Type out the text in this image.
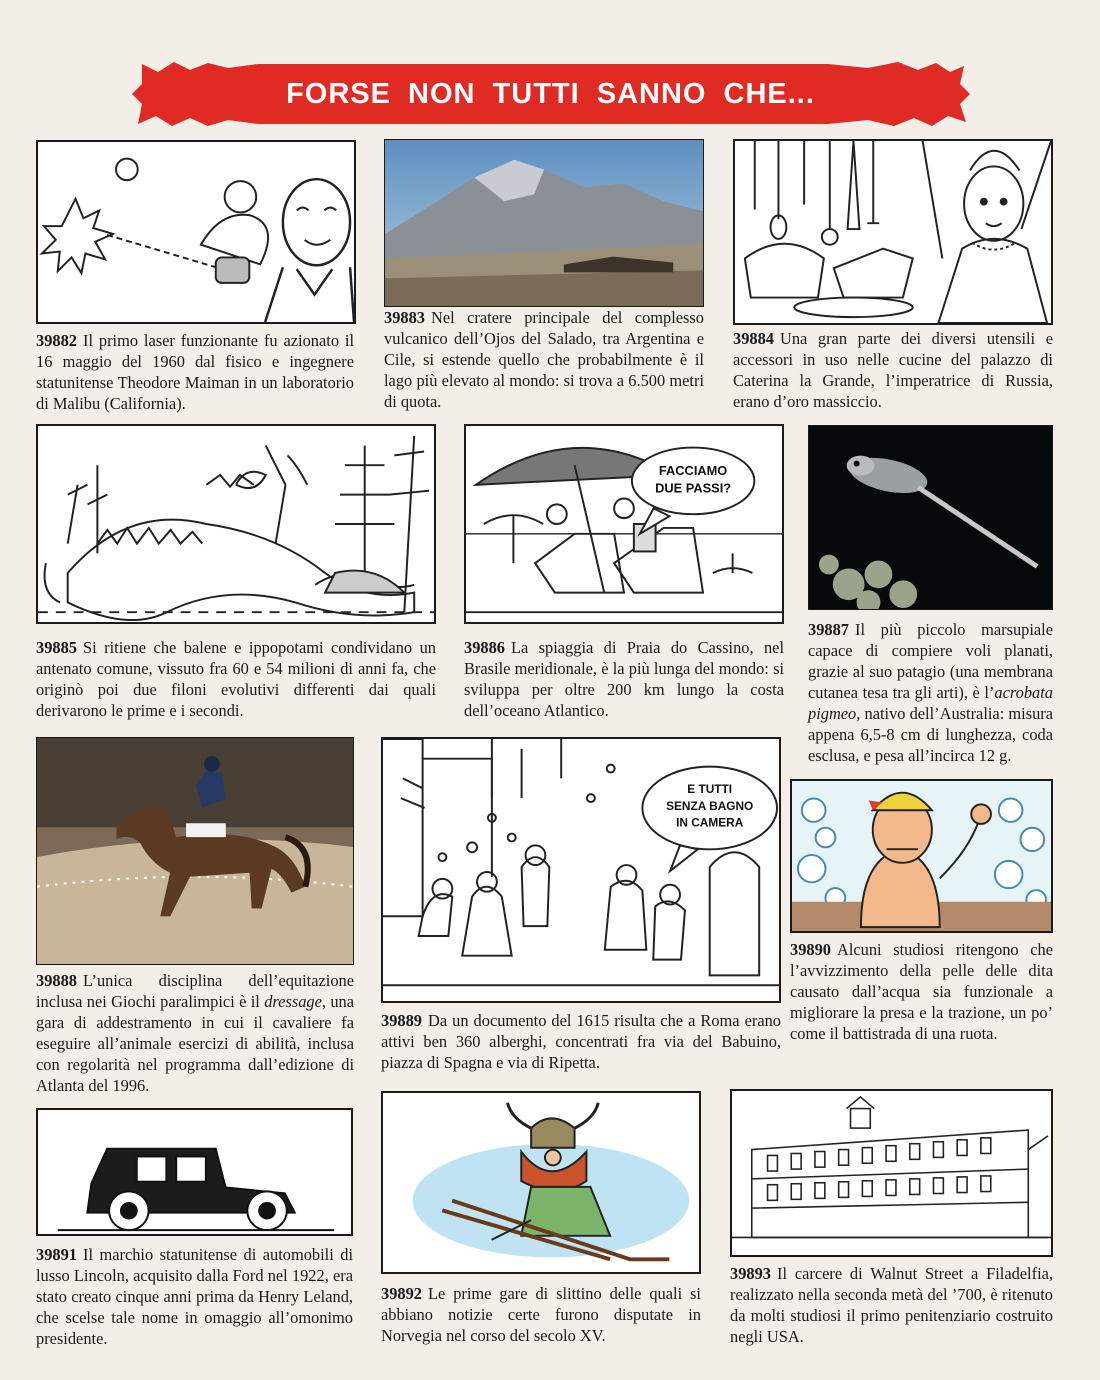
FORSE NON TUTTI SANNO CHE...

39882 Il primo laser funzionante fu azionato il 16 maggio del 1960 dal fisico e ingegnere statunitense Theodore Maiman in un laboratorio di Malibu (California).

39883 Nel cratere principale del complesso vulcanico dell’Ojos del Salado, tra Argentina e Cile, si estende quello che probabilmente è il lago più elevato al mondo: si trova a 6.500 metri di quota.

39884 Una gran parte dei diversi utensili e accessori in uso nelle cucine del palazzo di Caterina la Grande, l’imperatrice di Russia, erano d’oro massiccio.

39885 Si ritiene che balene e ippopotami condividano un antenato comune, vissuto fra 60 e 54 milioni di anni fa, che originò poi due filoni evolutivi differenti dai quali derivarono le prime e i secondi.

FACCIAMO
DUE PASSI?

39886 La spiaggia di Praia do Cassino, nel Brasile meridionale, è la più lunga del mondo: si sviluppa per oltre 200 km lungo la costa dell’oceano Atlantico.

39887 Il più piccolo marsupiale capace di compiere voli planati, grazie al suo patagio (una membrana cutanea tesa tra gli arti), è l’acrobata pigmeo, nativo dell’Australia: misura appena 6,5-8 cm di lunghezza, coda esclusa, e pesa all’incirca 12 g.

39888 L’unica disciplina dell’equitazione inclusa nei Giochi paralimpici è il dressage, una gara di addestramento in cui il cavaliere fa eseguire all’animale esercizi di abilità, inclusa con regolarità nel programma dall’edizione di Atlanta del 1996.

E TUTTI
SENZA BAGNO
IN CAMERA

39889 Da un documento del 1615 risulta che a Roma erano attivi ben 360 alberghi, concentrati fra via del Babuino, piazza di Spagna e via di Ripetta.

39890 Alcuni studiosi ritengono che l’avvizzimento della pelle delle dita causato dall’acqua sia funzionale a migliorare la presa e la trazione, un po’ come il battistrada di una ruota.

39891 Il marchio statunitense di automobili di lusso Lincoln, acquisito dalla Ford nel 1922, era stato creato cinque anni prima da Henry Leland, che scelse tale nome in omaggio all’omonimo presidente.

39892 Le prime gare di slittino delle quali si abbiano notizie certe furono disputate in Norvegia nel corso del secolo XV.

39893 Il carcere di Walnut Street a Filadelfia, realizzato nella seconda metà del ’700, è ritenuto da molti studiosi il primo penitenziario costruito negli USA.
